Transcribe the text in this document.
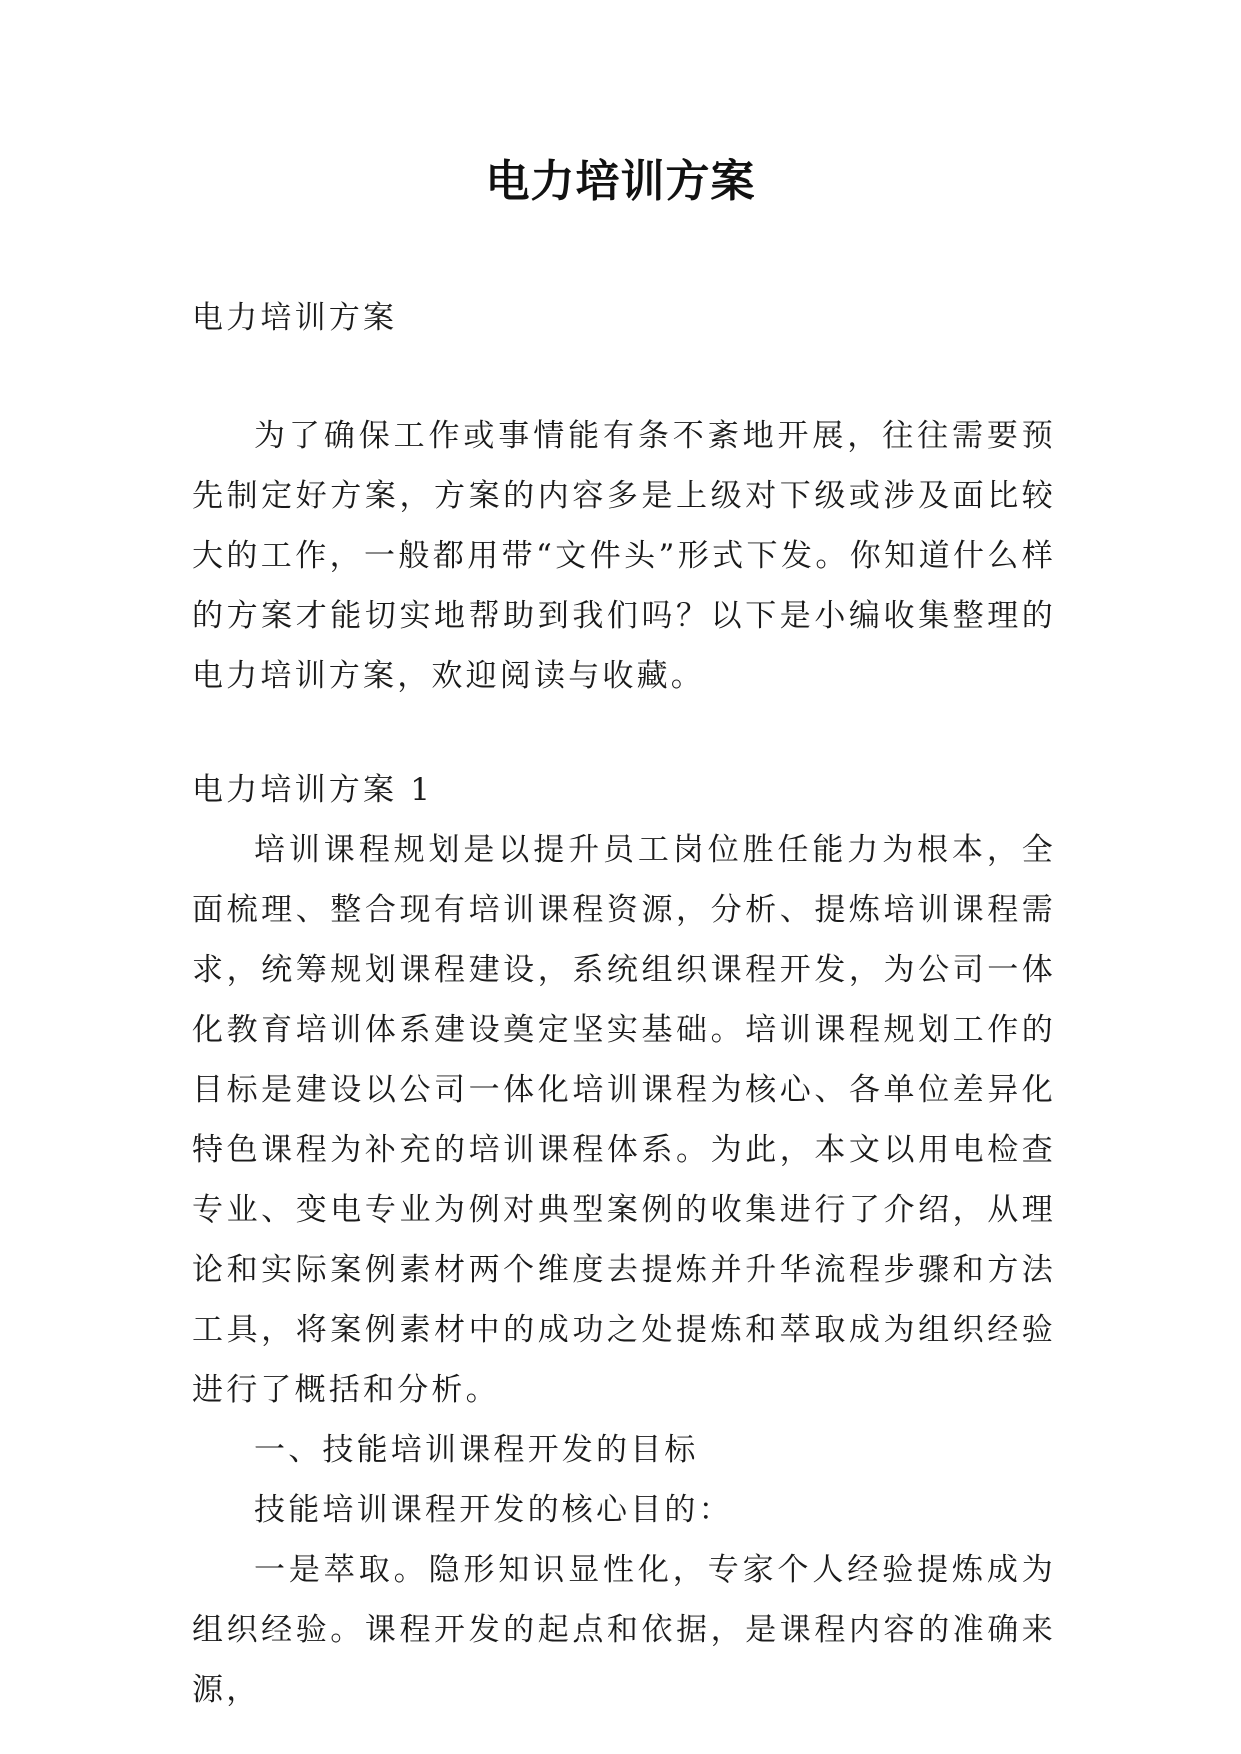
电力培训方案

电力培训方案

为了确保工作或事情能有条不紊地开展，往往需要预先制定好方案，方案的内容多是上级对下级或涉及面比较大的工作，一般都用带“文件头”形式下发。你知道什么样的方案才能切实地帮助到我们吗？以下是小编收集整理的电力培训方案，欢迎阅读与收藏。

电力培训方案 1

培训课程规划是以提升员工岗位胜任能力为根本，全面梳理、整合现有培训课程资源，分析、提炼培训课程需求，统筹规划课程建设，系统组织课程开发，为公司一体化教育培训体系建设奠定坚实基础。培训课程规划工作的目标是建设以公司一体化培训课程为核心、各单位差异化特色课程为补充的培训课程体系。为此，本文以用电检查专业、变电专业为例对典型案例的收集进行了介绍，从理论和实际案例素材两个维度去提炼并升华流程步骤和方法工具，将案例素材中的成功之处提炼和萃取成为组织经验进行了概括和分析。

一、技能培训课程开发的目标

技能培训课程开发的核心目的：

一是萃取。隐形知识显性化，专家个人经验提炼成为组织经验。课程开发的起点和依据，是课程内容的准确来源，
